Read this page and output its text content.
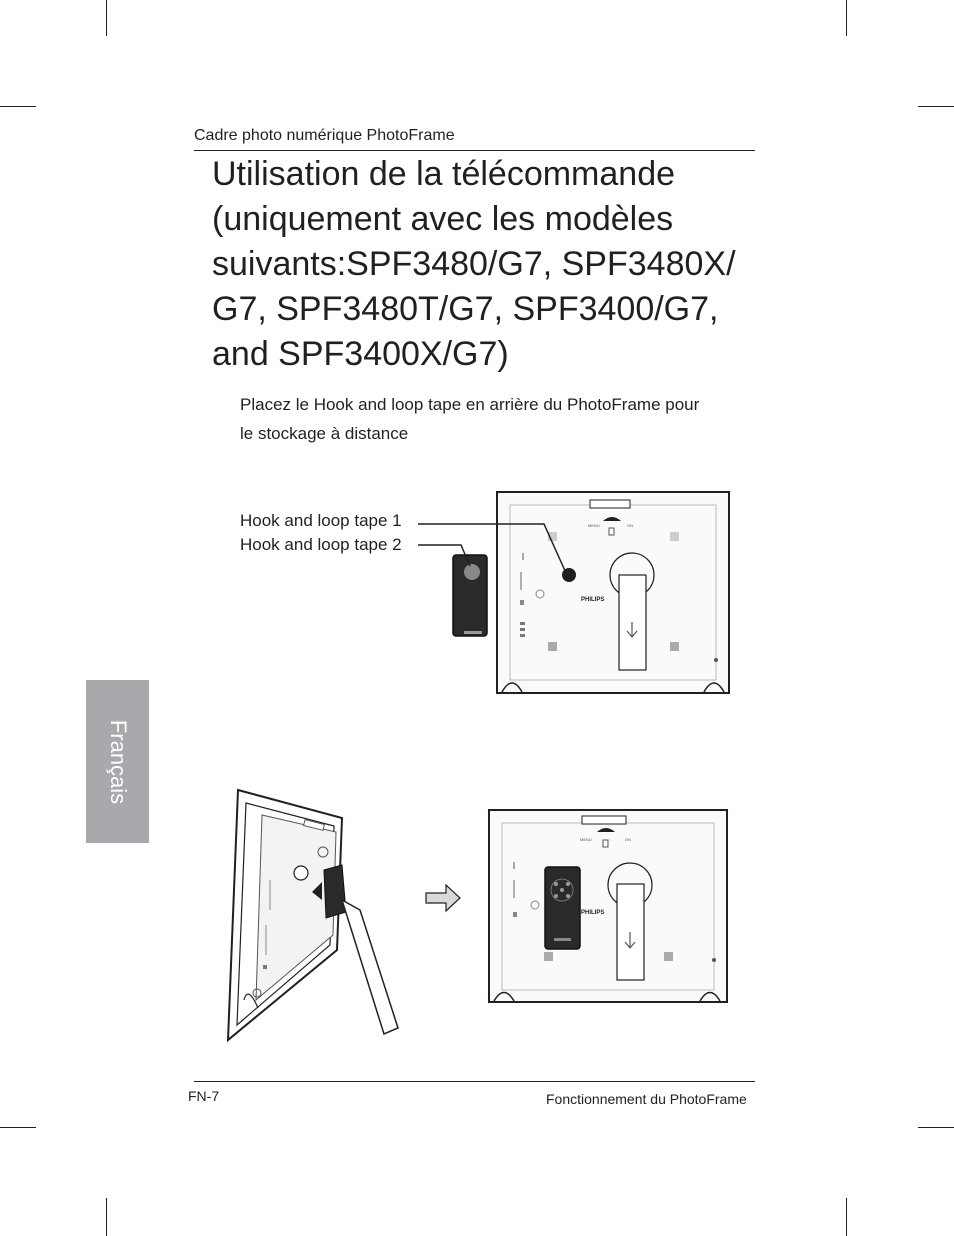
Cadre photo numérique PhotoFrame
Utilisation de la télécommande
(uniquement avec les modèles
suivants:SPF3480/G7, SPF3480X/
G7, SPF3480T/G7, SPF3400/G7,
and SPF3400X/G7)
Placez le Hook and loop tape en arrière du PhotoFrame pour
le stockage à distance
MENU	ON
PHILIPS
MENU	ON
PHILIPS
Hook and loop tape 1
Hook and loop tape 2
Français
FN-7	Fonctionnement du PhotoFrame
